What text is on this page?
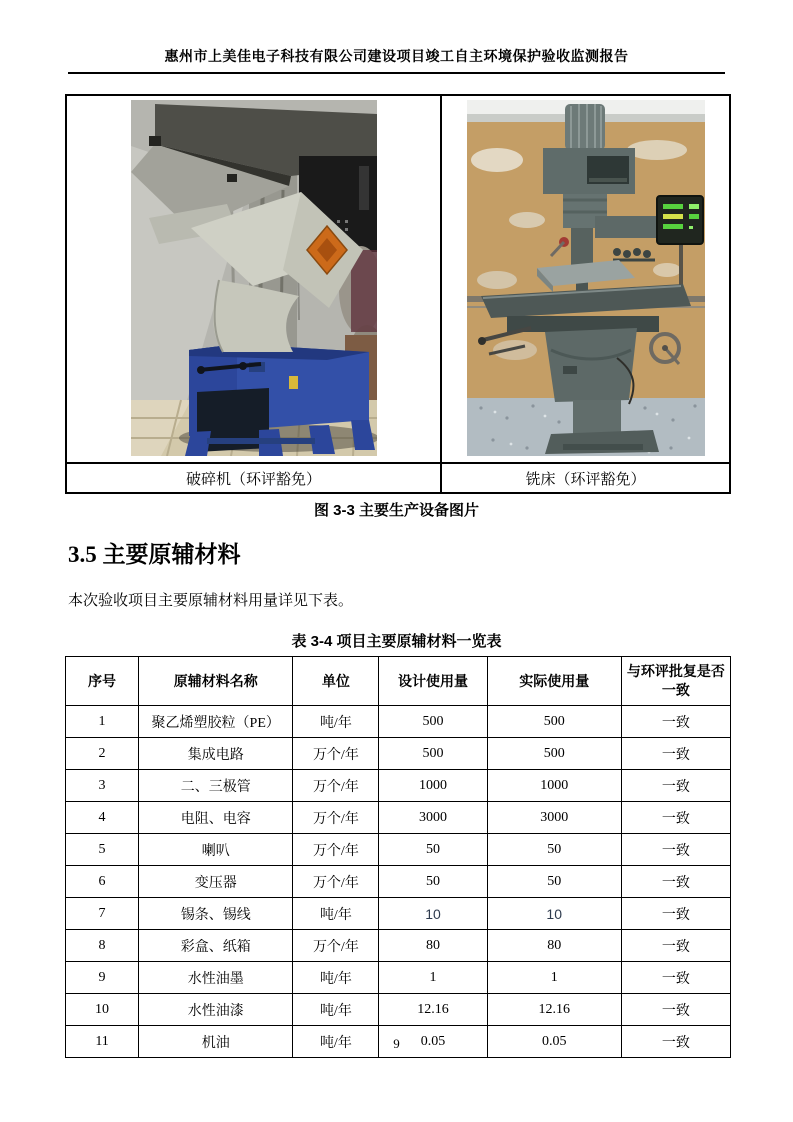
惠州市上美佳电子科技有限公司建设项目竣工自主环境保护验收监测报告

破碎机（环评豁免）	铣床（环评豁免）
图 3-3 主要生产设备图片
3.5 主要原辅材料

本次验收项目主要原辅材料用量详见下表。

表 3-4 项目主要原辅材料一览表
序号	原辅材料名称	单位	设计使用量	实际使用量	与环评批复是否一致
1	聚乙烯塑胶粒（PE）	吨/年	500	500	一致
2	集成电路	万个/年	500	500	一致
3	二、三极管	万个/年	1000	1000	一致
4	电阻、电容	万个/年	3000	3000	一致
5	喇叭	万个/年	50	50	一致
6	变压器	万个/年	50	50	一致
7	锡条、锡线	吨/年	10	10	一致
8	彩盒、纸箱	万个/年	80	80	一致
9	水性油墨	吨/年	1	1	一致
10	水性油漆	吨/年	12.16	12.16	一致
11	机油	吨/年	0.05	0.05	一致
9
